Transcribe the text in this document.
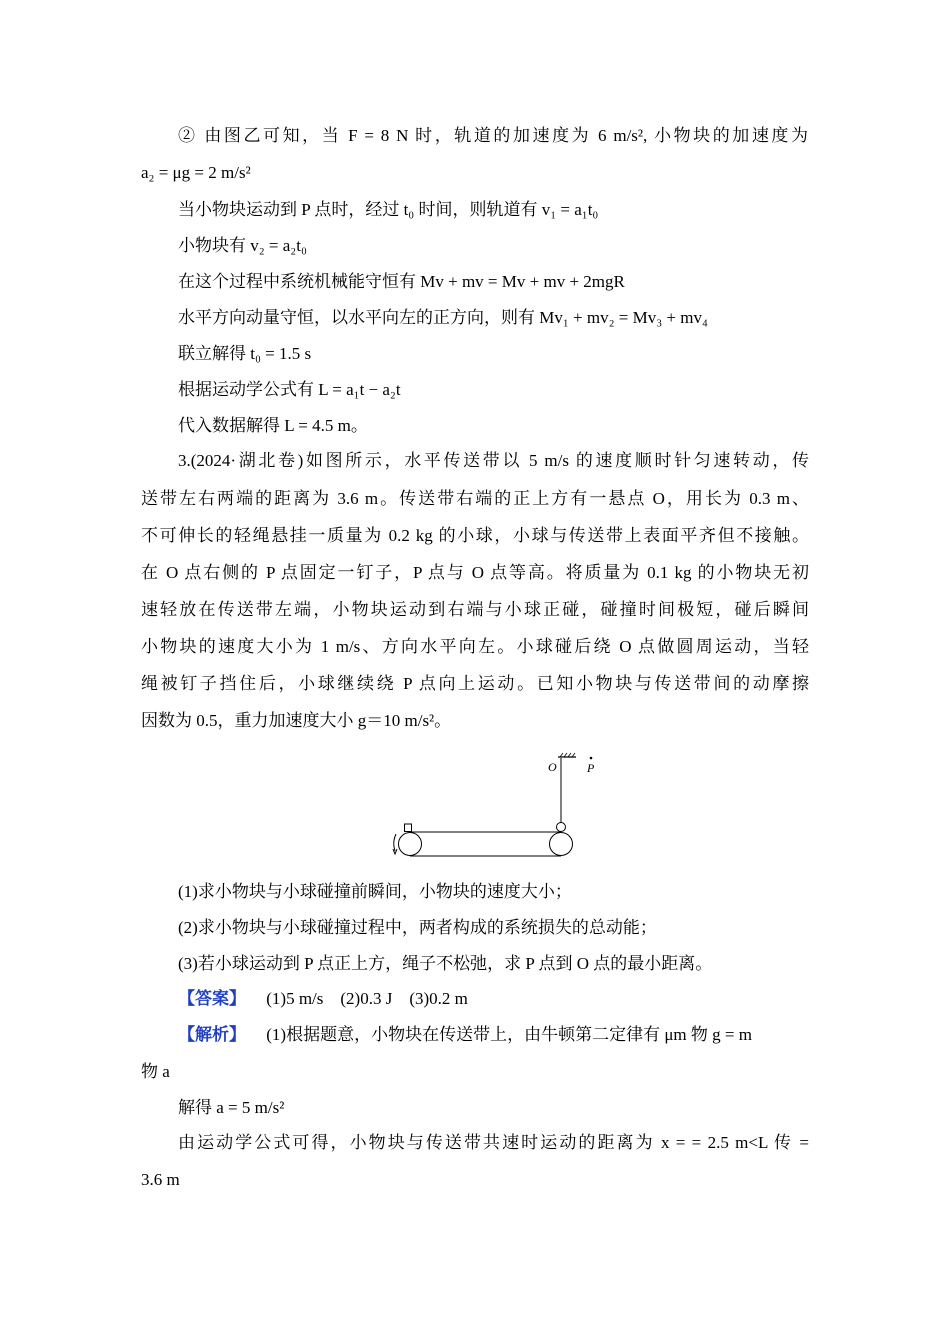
② 由图乙可知，当 F = 8 N 时，轨道的加速度为 6 m/s², 小物块的加速度为
a₂ = μg = 2 m/s²
当小物块运动到 P 点时，经过 t₀ 时间，则轨道有 v₁ = a₁t₀
小物块有 v₂ = a₂t₀
在这个过程中系统机械能守恒有 Mv + mv = Mv + mv + 2mgR
水平方向动量守恒，以水平向左的正方向，则有 Mv₁ + mv₂ = Mv₃ + mv₄
联立解得 t₀ = 1.5 s
根据运动学公式有 L = a₁t − a₂t
代入数据解得 L = 4.5 m。
3.(2024·湖北卷)如图所示，水平传送带以 5 m/s 的速度顺时针匀速转动，传
送带左右两端的距离为 3.6 m。传送带右端的正上方有一悬点 O，用长为 0.3 m、
不可伸长的轻绳悬挂一质量为 0.2 kg 的小球，小球与传送带上表面平齐但不接触。
在 O 点右侧的 P 点固定一钉子，P 点与 O 点等高。将质量为 0.1 kg 的小物块无初
速轻放在传送带左端，小物块运动到右端与小球正碰，碰撞时间极短，碰后瞬间
小物块的速度大小为 1 m/s、方向水平向左。小球碰后绕 O 点做圆周运动，当轻
绳被钉子挡住后，小球继续绕 P 点向上运动。已知小物块与传送带间的动摩擦
因数为 0.5，重力加速度大小 g＝10 m/s²。
O	P
(1)求小物块与小球碰撞前瞬间，小物块的速度大小；
(2)求小物块与小球碰撞过程中，两者构成的系统损失的总动能；
(3)若小球运动到 P 点正上方，绳子不松弛，求 P 点到 O 点的最小距离。
【答案】 (1)5 m/s　(2)0.3 J　(3)0.2 m
【解析】 (1)根据题意，小物块在传送带上，由牛顿第二定律有 μm 物 g = m
物 a
解得 a = 5 m/s²
由运动学公式可得，小物块与传送带共速时运动的距离为 x = = 2.5 m<L 传 =
3.6 m
